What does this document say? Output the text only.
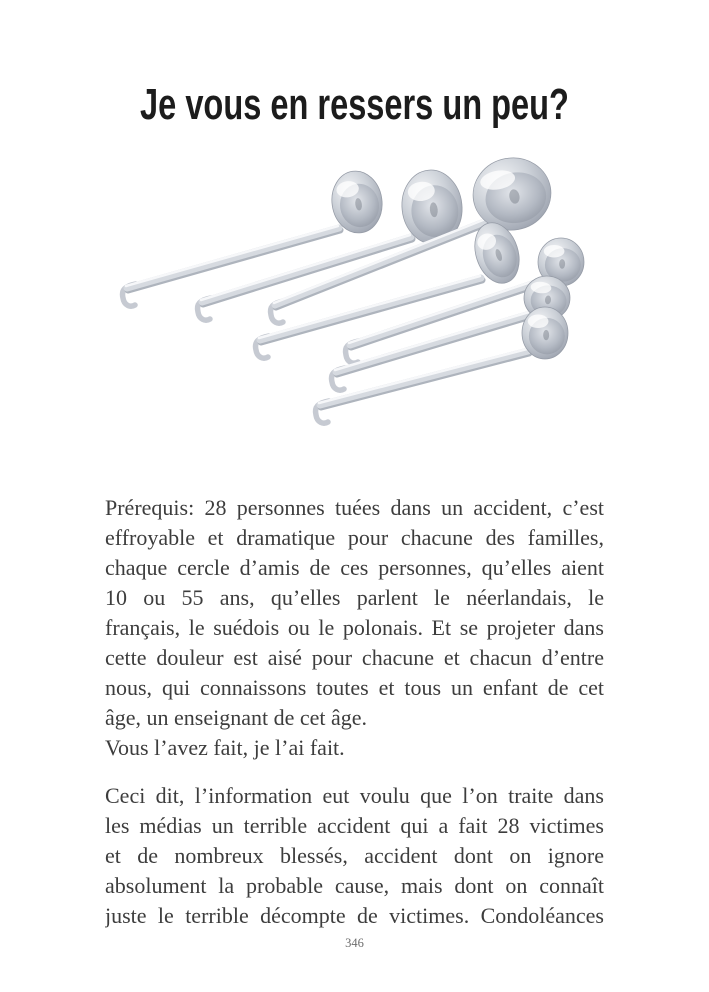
Je vous en ressers un peu?
Prérequis: 28 personnes tuées dans un accident, c’est
effroyable et dramatique pour chacune des familles,
chaque cercle d’amis de ces personnes, qu’elles aient
10 ou 55 ans, qu’elles parlent le néerlandais, le
français, le suédois ou le polonais. Et se projeter dans
cette douleur est aisé pour chacune et chacun d’entre
nous, qui connaissons toutes et tous un enfant de cet
âge, un enseignant de cet âge.
Vous l’avez fait, je l’ai fait.
Ceci dit, l’information eut voulu que l’on traite dans
les médias un terrible accident qui a fait 28 victimes
et de nombreux blessés, accident dont on ignore
absolument la probable cause, mais dont on connaît
juste le terrible décompte de victimes. Condoléances
346
